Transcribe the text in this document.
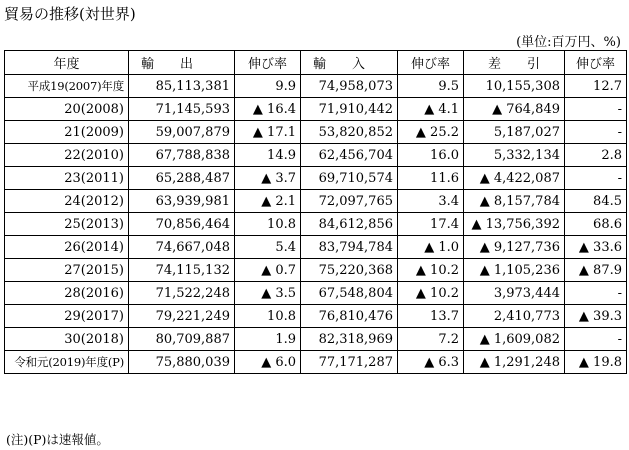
貿易の推移(対世界)
(単位:百万円、%)
年度	輸　　出	伸び率	輸　　入	伸び率	差　　引	伸び率
平成19(2007)年度	85,113,381	9.9	74,958,073	9.5	10,155,308	12.7
20(2008)	71,145,593	▲ 16.4	71,910,442	▲ 4.1	▲ 764,849	-
21(2009)	59,007,879	▲ 17.1	53,820,852	▲ 25.2	5,187,027	-
22(2010)	67,788,838	14.9	62,456,704	16.0	5,332,134	2.8
23(2011)	65,288,487	▲ 3.7	69,710,574	11.6	▲ 4,422,087	-
24(2012)	63,939,981	▲ 2.1	72,097,765	3.4	▲ 8,157,784	84.5
25(2013)	70,856,464	10.8	84,612,856	17.4	▲ 13,756,392	68.6
26(2014)	74,667,048	5.4	83,794,784	▲ 1.0	▲ 9,127,736	▲ 33.6
27(2015)	74,115,132	▲ 0.7	75,220,368	▲ 10.2	▲ 1,105,236	▲ 87.9
28(2016)	71,522,248	▲ 3.5	67,548,804	▲ 10.2	3,973,444	-
29(2017)	79,221,249	10.8	76,810,476	13.7	2,410,773	▲ 39.3
30(2018)	80,709,887	1.9	82,318,969	7.2	▲ 1,609,082	-
令和元(2019)年度(P)	75,880,039	▲ 6.0	77,171,287	▲ 6.3	▲ 1,291,248	▲ 19.8
(注)(P)は速報値。
